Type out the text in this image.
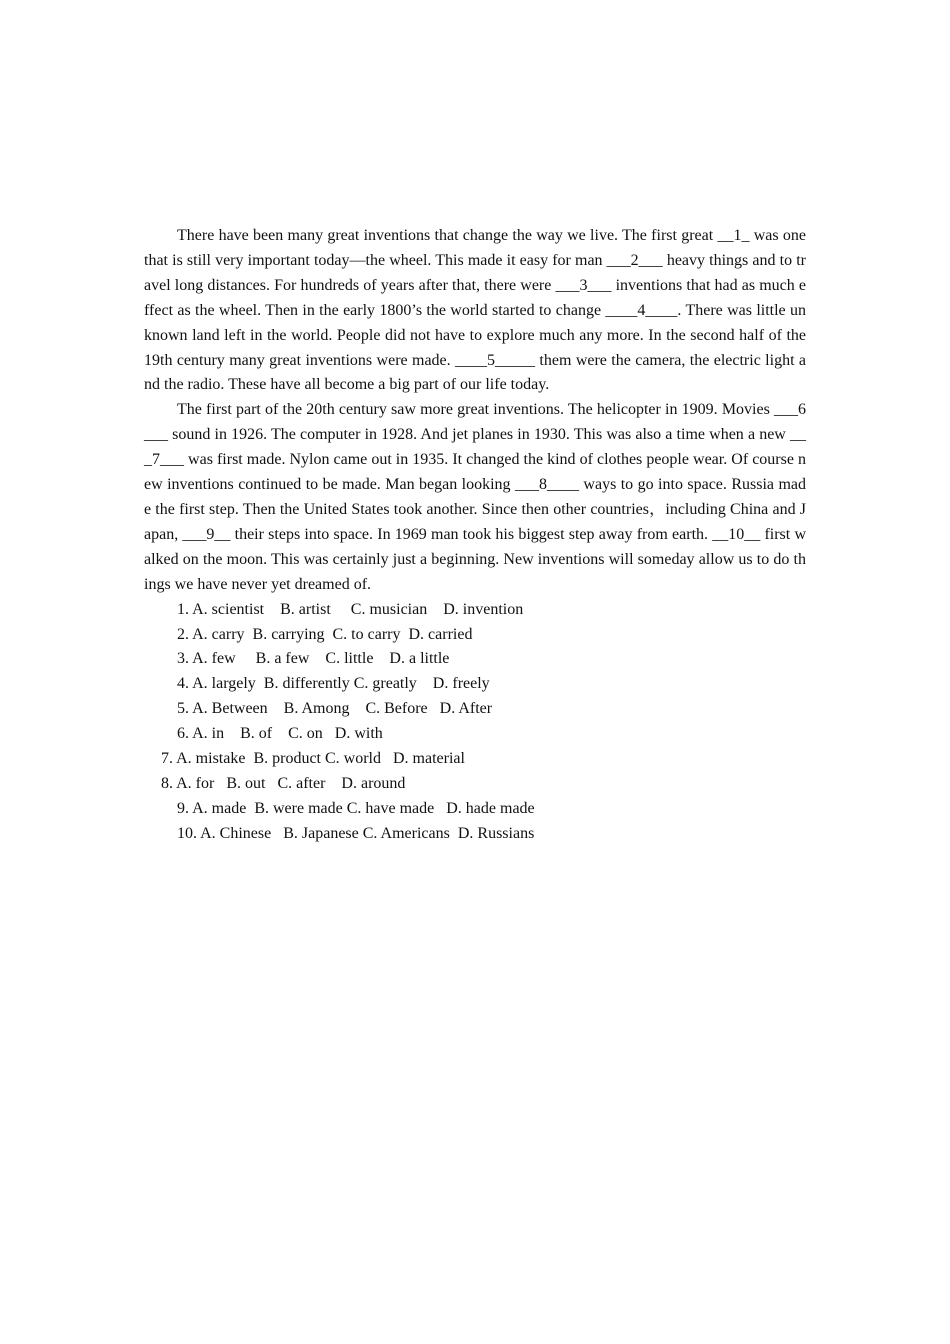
There have been many great inventions that change the way we live. The first great __1_ was one that is still very important today—the wheel. This made it easy for man ___2___ heavy things and to travel long distances. For hundreds of years after that, there were ___3___ inventions that had as much effect as the wheel. Then in the early 1800’s the world started to change ____4____. There was little unknown land left in the world. People did not have to explore much any more. In the second half of the 19th century many great inventions were made. ____5_____ them were the camera, the electric light and the radio. These have all become a big part of our life today.

The first part of the 20th century saw more great inventions. The helicopter in 1909. Movies ___6___ sound in 1926. The computer in 1928. And jet planes in 1930. This was also a time when a new ___7___ was first made. Nylon came out in 1935. It changed the kind of clothes people wear. Of course new inventions continued to be made. Man began looking ___8____ ways to go into space. Russia made the first step. Then the United States took another. Since then other countries，including China and Japan, ___9__ their steps into space. In 1969 man took his biggest step away from earth. __10__ first walked on the moon. This was certainly just a beginning. New inventions will someday allow us to do things we have never yet dreamed of.

1. A. scientist    B. artist     C. musician    D. invention

2. A. carry  B. carrying  C. to carry  D. carried

3. A. few     B. a few    C. little    D. a little

4. A. largely  B. differently C. greatly    D. freely

5. A. Between    B. Among    C. Before   D. After

6. A. in    B. of    C. on   D. with

7. A. mistake  B. product C. world   D. material

8. A. for   B. out   C. after    D. around

9. A. made  B. were made C. have made   D. hade made

10. A. Chinese   B. Japanese C. Americans  D. Russians
